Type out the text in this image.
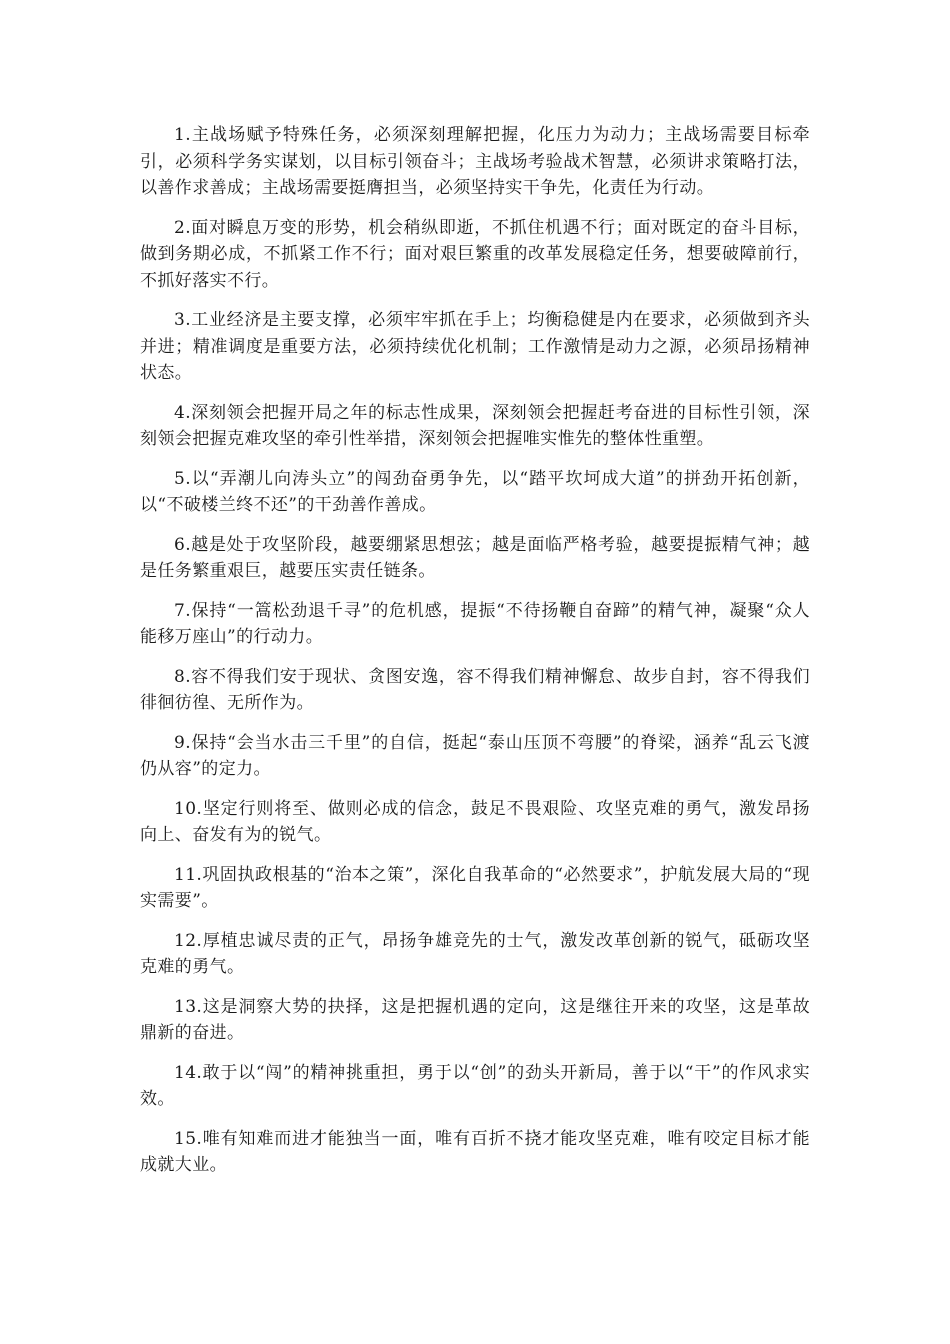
1.主战场赋予特殊任务，必须深刻理解把握，化压力为动力；主战场需要目标牵引，必须科学务实谋划，以目标引领奋斗；主战场考验战术智慧，必须讲求策略打法，以善作求善成；主战场需要挺膺担当，必须坚持实干争先，化责任为行动。

2.面对瞬息万变的形势，机会稍纵即逝，不抓住机遇不行；面对既定的奋斗目标，做到务期必成，不抓紧工作不行；面对艰巨繁重的改革发展稳定任务，想要破障前行，不抓好落实不行。

3.工业经济是主要支撑，必须牢牢抓在手上；均衡稳健是内在要求，必须做到齐头并进；精准调度是重要方法，必须持续优化机制；工作激情是动力之源，必须昂扬精神状态。

4.深刻领会把握开局之年的标志性成果，深刻领会把握赶考奋进的目标性引领，深刻领会把握克难攻坚的牵引性举措，深刻领会把握唯实惟先的整体性重塑。

5.以“弄潮儿向涛头立”的闯劲奋勇争先，以“踏平坎坷成大道”的拼劲开拓创新，以“不破楼兰终不还”的干劲善作善成。

6.越是处于攻坚阶段，越要绷紧思想弦；越是面临严格考验，越要提振精气神；越是任务繁重艰巨，越要压实责任链条。

7.保持“一篙松劲退千寻”的危机感，提振“不待扬鞭自奋蹄”的精气神，凝聚“众人能移万座山”的行动力。

8.容不得我们安于现状、贪图安逸，容不得我们精神懈怠、故步自封，容不得我们徘徊彷徨、无所作为。

9.保持“会当水击三千里”的自信，挺起“泰山压顶不弯腰”的脊梁，涵养“乱云飞渡仍从容”的定力。

10.坚定行则将至、做则必成的信念，鼓足不畏艰险、攻坚克难的勇气，激发昂扬向上、奋发有为的锐气。

11.巩固执政根基的“治本之策”，深化自我革命的“必然要求”，护航发展大局的“现实需要”。

12.厚植忠诚尽责的正气，昂扬争雄竞先的士气，激发改革创新的锐气，砥砺攻坚克难的勇气。

13.这是洞察大势的抉择，这是把握机遇的定向，这是继往开来的攻坚，这是革故鼎新的奋进。

14.敢于以“闯”的精神挑重担，勇于以“创”的劲头开新局，善于以“干”的作风求实效。

15.唯有知难而进才能独当一面，唯有百折不挠才能攻坚克难，唯有咬定目标才能成就大业。
